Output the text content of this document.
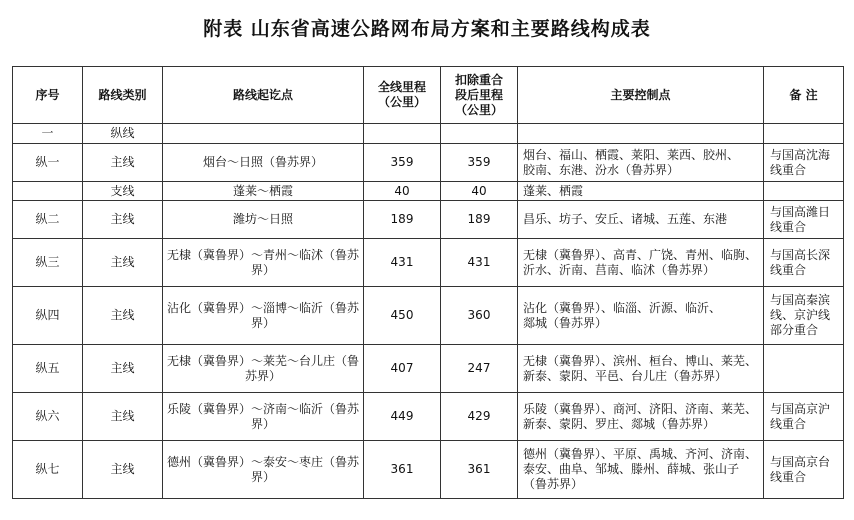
附表 山东省高速公路网布局方案和主要路线构成表
序号	路线类别	路线起讫点	全线里程
（公里）	扣除重合
段后里程
（公里）	主要控制点	备 注
一	纵线					
纵一	主线	烟台～日照（鲁苏界）	359	359	烟台、福山、栖霞、莱阳、莱西、胶州、
胶南、东港、汾水（鲁苏界）	与国高沈海
线重合

	支线	蓬莱～栖霞	40	40	蓬莱、栖霞	

纵二	主线	潍坊～日照	189	189	昌乐、坊子、安丘、诸城、五莲、东港	与国高潍日
线重合

纵三	主线	无棣（冀鲁界）～青州～临沭（鲁苏界）	431	431	无棣（冀鲁界）、高青、广饶、青州、临朐、
沂水、沂南、莒南、临沭（鲁苏界）	与国高长深
线重合

纵四	主线	沾化（冀鲁界）～淄博～临沂（鲁苏界）	450	360	沾化（冀鲁界）、临淄、沂源、临沂、
郯城（鲁苏界）	与国高秦滨
线、京沪线
部分重合

纵五	主线	无棣（冀鲁界）～莱芜～台儿庄（鲁苏界）	407	247	无棣（冀鲁界）、滨州、桓台、博山、莱芜、
新泰、蒙阴、平邑、台儿庄（鲁苏界）	

纵六	主线	乐陵（冀鲁界）～济南～临沂（鲁苏界）	449	429	乐陵（冀鲁界）、商河、济阳、济南、莱芜、
新泰、蒙阴、罗庄、郯城（鲁苏界）	与国高京沪
线重合

纵七	主线	德州（冀鲁界）～泰安～枣庄（鲁苏界）	361	361	德州（冀鲁界）、平原、禹城、齐河、济南、
泰安、曲阜、邹城、滕州、薛城、张山子
（鲁苏界）	与国高京台
线重合
